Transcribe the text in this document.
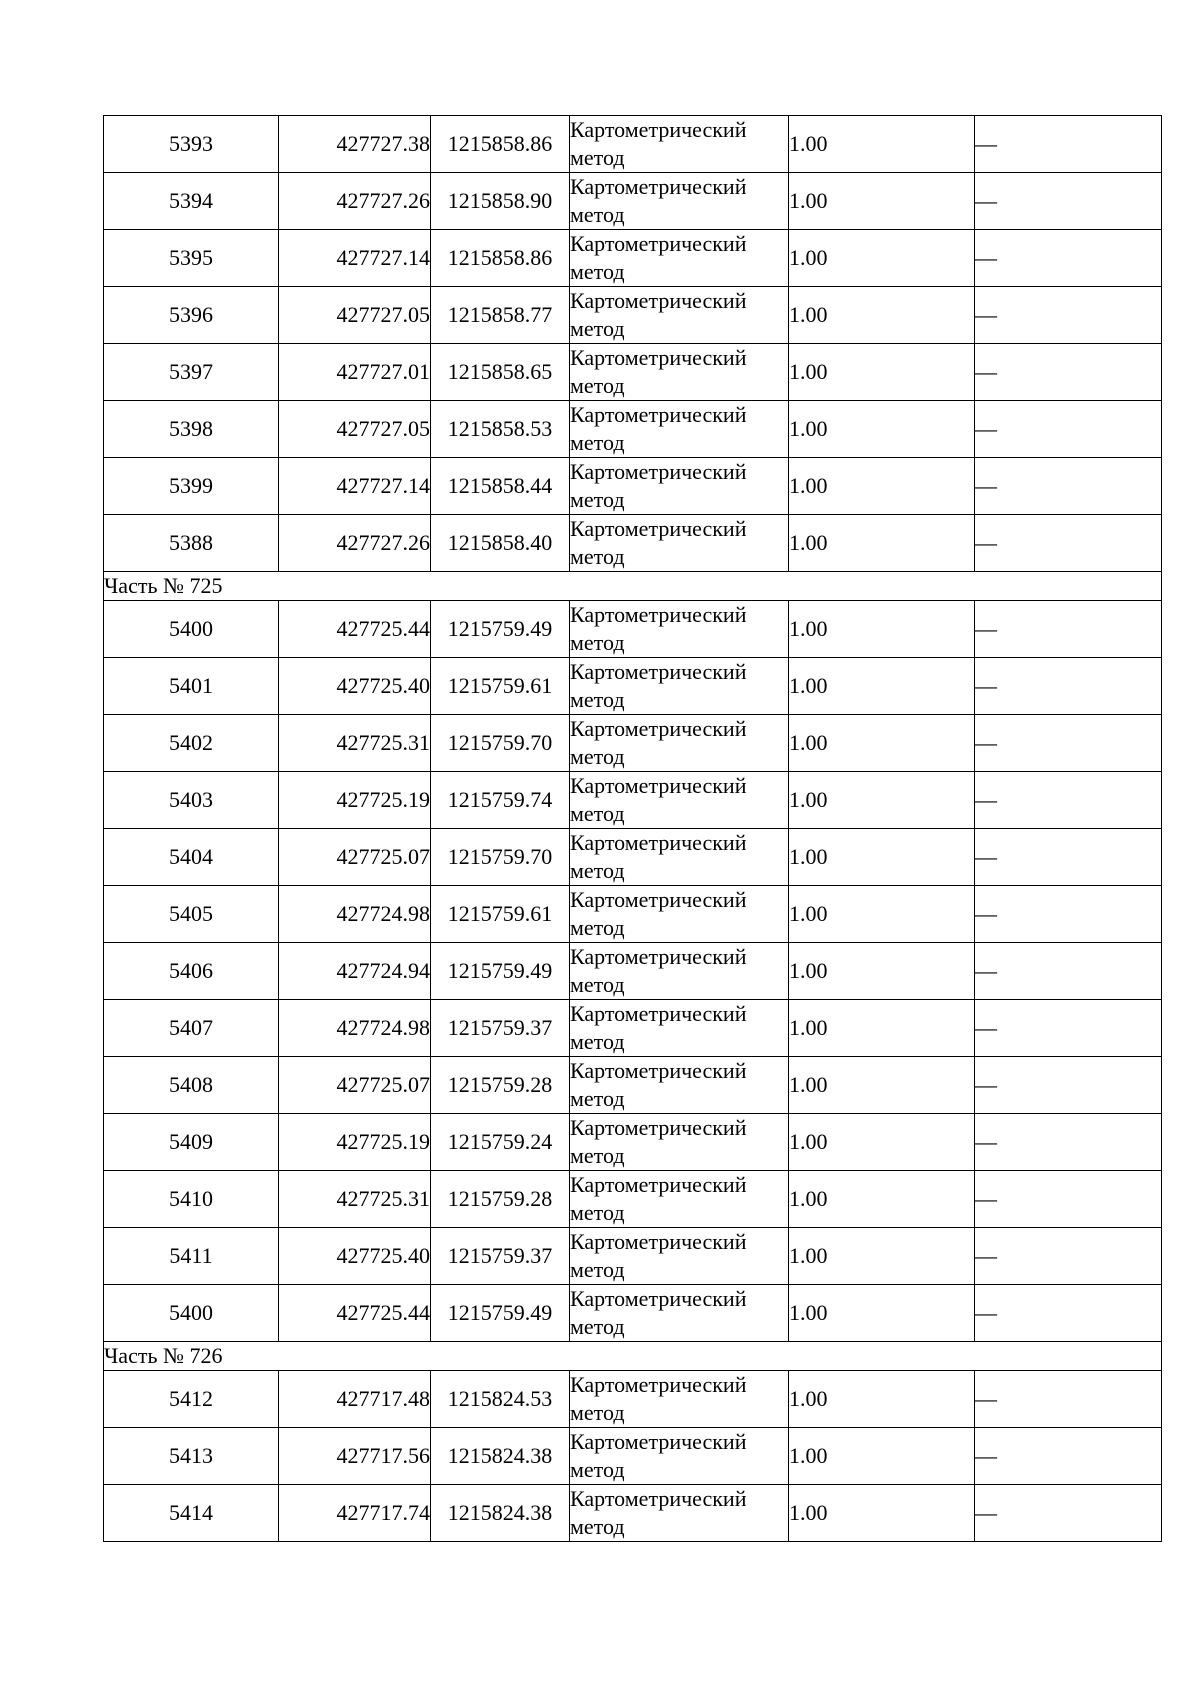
5393	427727.38	1215858.86	Картометрический
метод	1.00	—
5394	427727.26	1215858.90	Картометрический
метод	1.00	—
5395	427727.14	1215858.86	Картометрический
метод	1.00	—
5396	427727.05	1215858.77	Картометрический
метод	1.00	—
5397	427727.01	1215858.65	Картометрический
метод	1.00	—
5398	427727.05	1215858.53	Картометрический
метод	1.00	—
5399	427727.14	1215858.44	Картометрический
метод	1.00	—
5388	427727.26	1215858.40	Картометрический
метод	1.00	—
Часть № 725					
5400	427725.44	1215759.49	Картометрический
метод	1.00	—
5401	427725.40	1215759.61	Картометрический
метод	1.00	—
5402	427725.31	1215759.70	Картометрический
метод	1.00	—
5403	427725.19	1215759.74	Картометрический
метод	1.00	—
5404	427725.07	1215759.70	Картометрический
метод	1.00	—
5405	427724.98	1215759.61	Картометрический
метод	1.00	—
5406	427724.94	1215759.49	Картометрический
метод	1.00	—
5407	427724.98	1215759.37	Картометрический
метод	1.00	—
5408	427725.07	1215759.28	Картометрический
метод	1.00	—
5409	427725.19	1215759.24	Картометрический
метод	1.00	—
5410	427725.31	1215759.28	Картометрический
метод	1.00	—
5411	427725.40	1215759.37	Картометрический
метод	1.00	—
5400	427725.44	1215759.49	Картометрический
метод	1.00	—
Часть № 726					
5412	427717.48	1215824.53	Картометрический
метод	1.00	—
5413	427717.56	1215824.38	Картометрический
метод	1.00	—
5414	427717.74	1215824.38	Картометрический
метод	1.00	—
